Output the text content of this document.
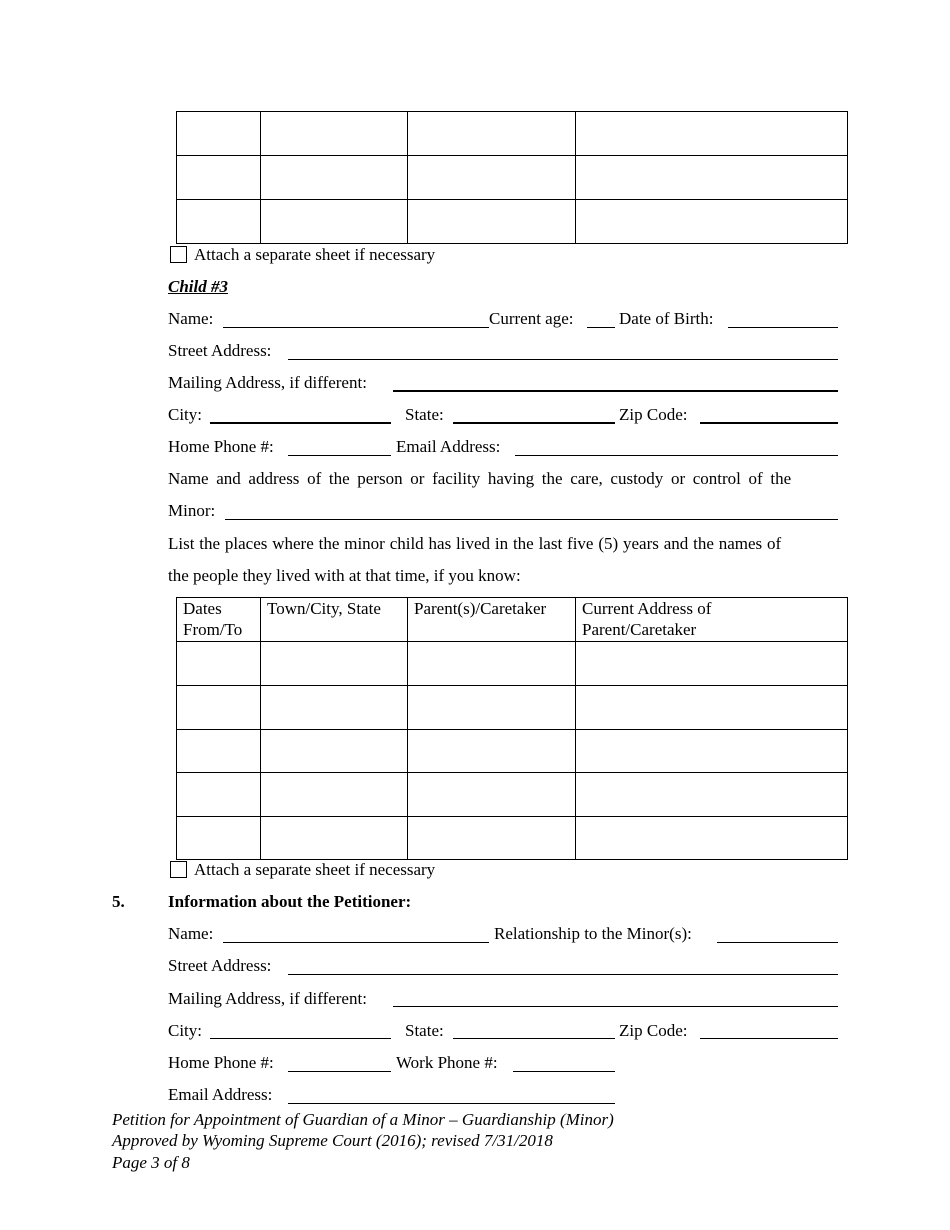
Attach a separate sheet if necessary
Child #3
Name:	Current age:	Date of Birth:
Street Address:
Mailing Address, if different:
City:	State:	Zip Code:
Home Phone #:	Email Address:
Name and address of the person or facility having the care, custody or control of the
Minor:
List the places where the minor child has lived in the last five (5) years and the names of
the people they lived with at that time, if you know:
Dates From/To	Town/City, State	Parent(s)/Caretaker	Current Address of Parent/Caretaker

Attach a separate sheet if necessary
5.	Information about the Petitioner:
Name:	Relationship to the Minor(s):
Street Address:
Mailing Address, if different:
City:	State:	Zip Code:
Home Phone #:	Work Phone #:
Email Address:
Petition for Appointment of Guardian of a Minor – Guardianship (Minor)
Approved by Wyoming Supreme Court (2016); revised 7/31/2018
Page 3 of 8
